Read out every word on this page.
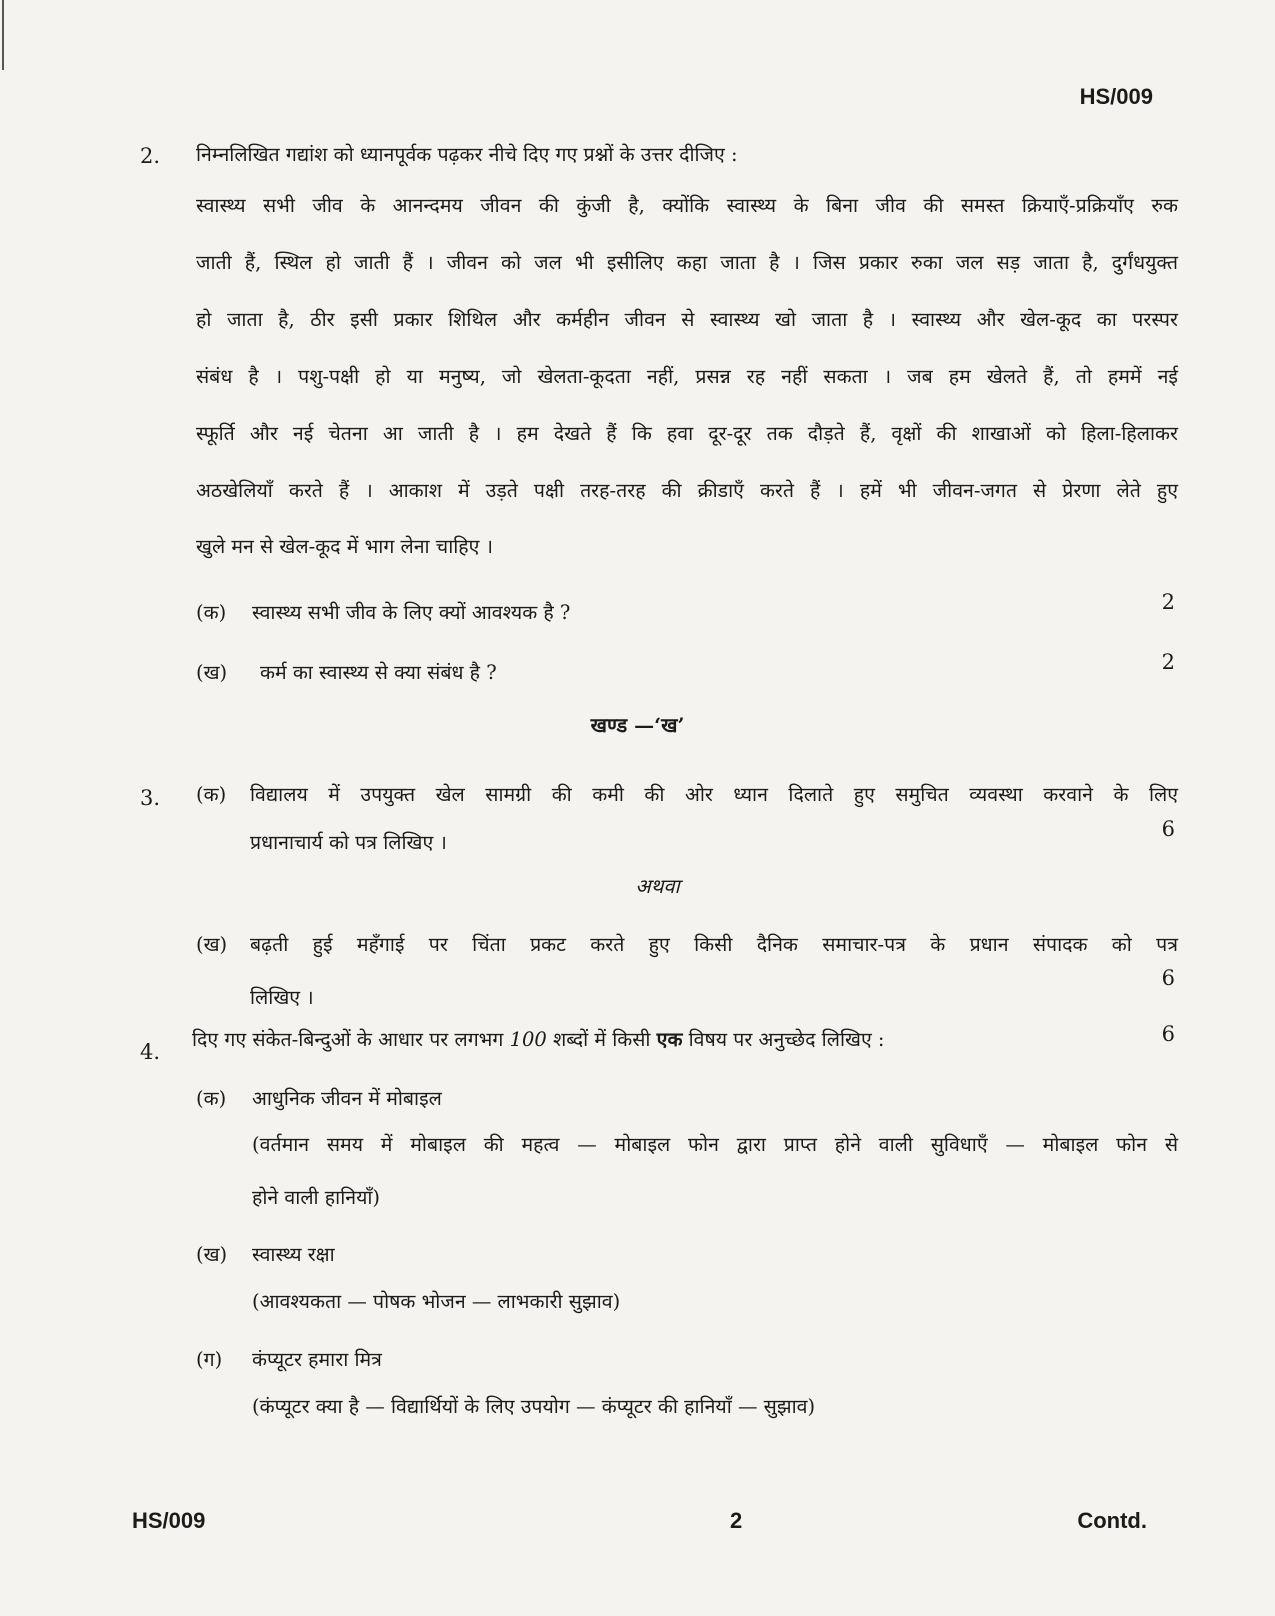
HS/009
2. निम्नलिखित गद्यांश को ध्यानपूर्वक पढ़कर नीचे दिए गए प्रश्नों के उत्तर दीजिए :
स्वास्थ्य सभी जीव के आनन्दमय जीवन की कुंजी है, क्योंकि स्वास्थ्य के बिना जीव की समस्त क्रियाएँ-प्रक्रियाँए रुक
जाती हैं, स्थिल हो जाती हैं । जीवन को जल भी इसीलिए कहा जाता है । जिस प्रकार रुका जल सड़ जाता है, दुर्गंधयुक्त
हो जाता है, ठीर इसी प्रकार शिथिल और कर्महीन जीवन से स्वास्थ्य खो जाता है । स्वास्थ्य और खेल-कूद का परस्पर
संबंध है । पशु-पक्षी हो या मनुष्य, जो खेलता-कूदता नहीं, प्रसन्न रह नहीं सकता । जब हम खेलते हैं, तो हममें नई
स्फूर्ति और नई चेतना आ जाती है । हम देखते हैं कि हवा दूर-दूर तक दौड़ते हैं, वृक्षों की शाखाओं को हिला-हिलाकर
अठखेलियाँ करते हैं । आकाश में उड़ते पक्षी तरह-तरह की क्रीडाएँ करते हैं । हमें भी जीवन-जगत से प्रेरणा लेते हुए
खुले मन से खेल-कूद में भाग लेना चाहिए ।
(क) स्वास्थ्य सभी जीव के लिए क्यों आवश्यक है ?	2
(ख) कर्म का स्वास्थ्य से क्या संबंध है ?	2
खण्ड —‘ख’
3. (क) विद्यालय में उपयुक्त खेल सामग्री की कमी की ओर ध्यान दिलाते हुए समुचित व्यवस्था करवाने के लिए
प्रधानाचार्य को पत्र लिखिए ।
6
अथवा
(ख) बढ़ती हुई महँगाई पर चिंता प्रकट करते हुए किसी दैनिक समाचार-पत्र के प्रधान संपादक को पत्र
लिखिए ।
6
4.
दिए गए संकेत-बिन्दुओं के आधार पर लगभग 100 शब्दों में किसी एक विषय पर अनुच्छेद लिखिए :	6
(क) आधुनिक जीवन में मोबाइल
(वर्तमान समय में मोबाइल की महत्व — मोबाइल फोन द्वारा प्राप्त होने वाली सुविधाएँ — मोबाइल फोन से
होने वाली हानियाँ)
(ख) स्वास्थ्य रक्षा
(आवश्यकता — पोषक भोजन — लाभकारी सुझाव)
(ग) कंप्यूटर हमारा मित्र
(कंप्यूटर क्या है — विद्यार्थियों के लिए उपयोग — कंप्यूटर की हानियाँ — सुझाव)
HS/009	2	Contd.
